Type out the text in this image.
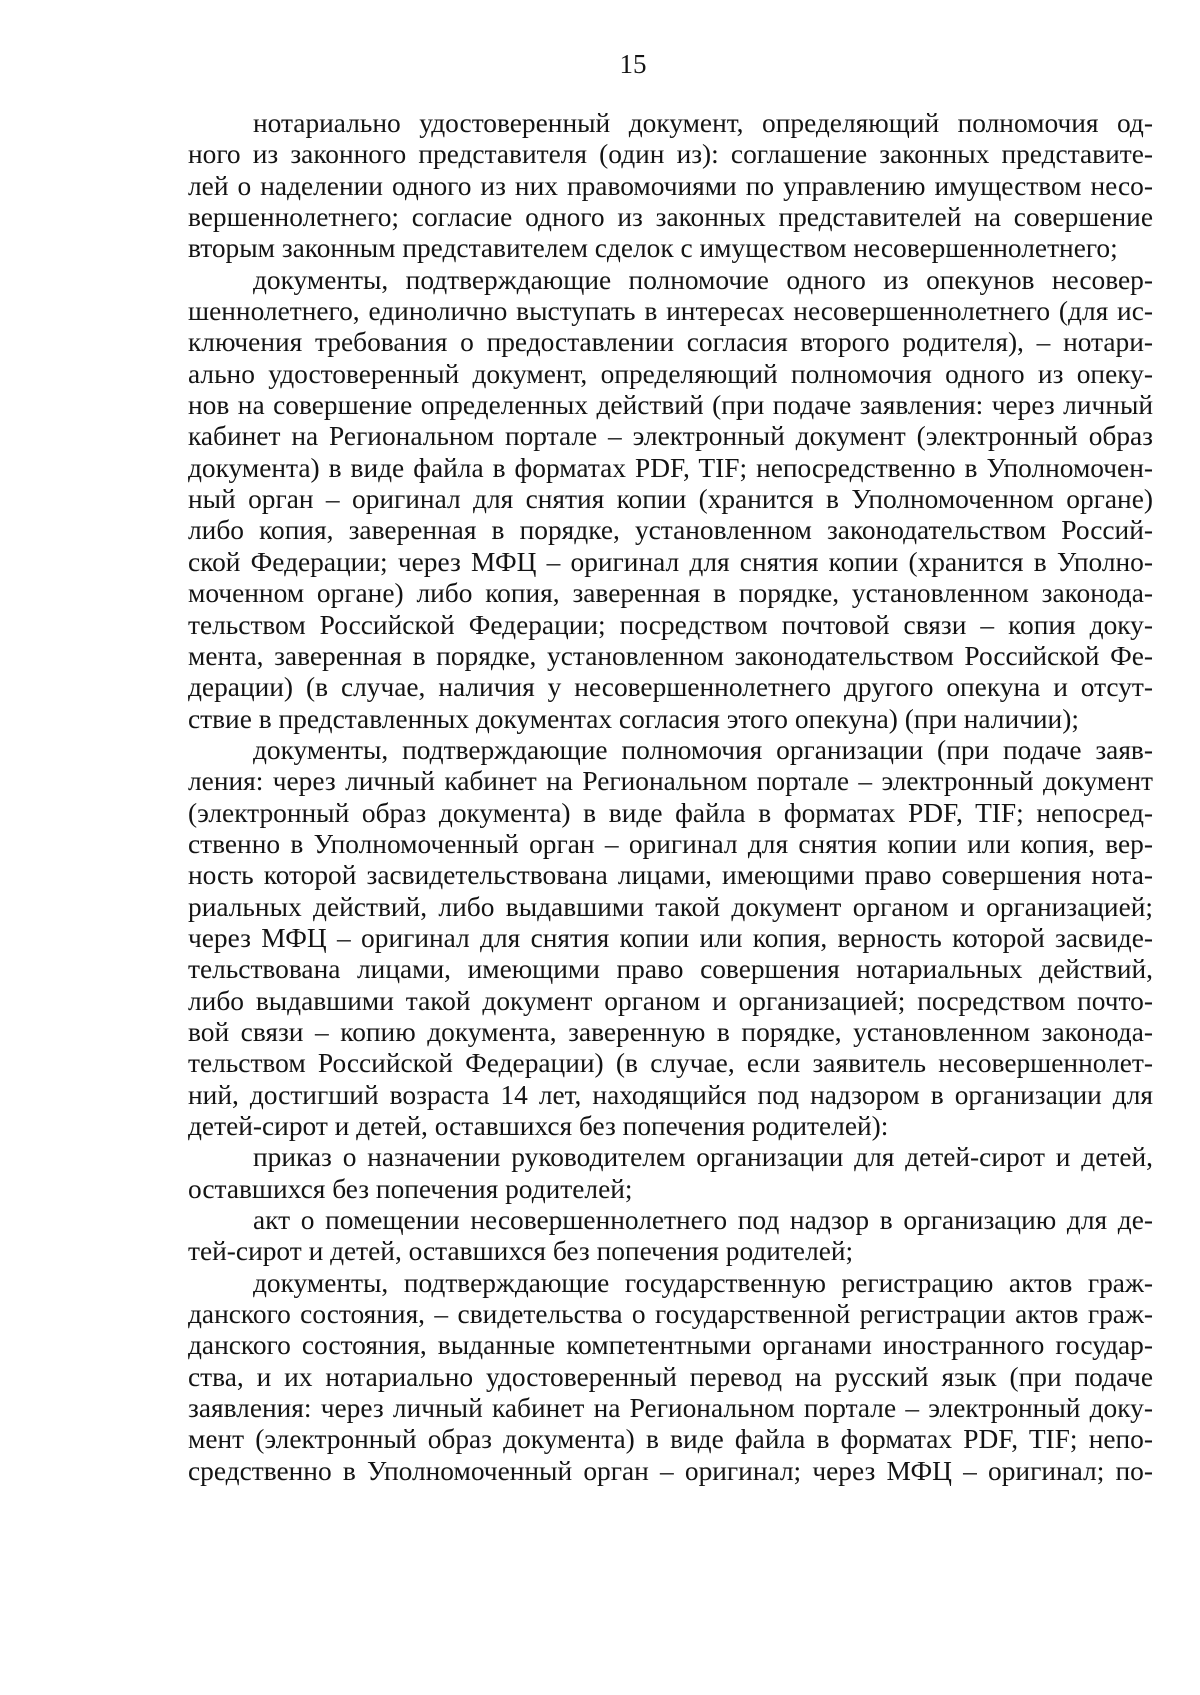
15
нотариально удостоверенный документ, определяющий полномочия од-
ного из законного представителя (один из): соглашение законных представите-
лей о наделении одного из них правомочиями по управлению имуществом несо-
вершеннолетнего; согласие одного из законных представителей на совершение
вторым законным представителем сделок с имуществом несовершеннолетнего;
документы, подтверждающие полномочие одного из опекунов несовер-
шеннолетнего, единолично выступать в интересах несовершеннолетнего (для ис-
ключения требования о предоставлении согласия второго родителя), – нотари-
ально удостоверенный документ, определяющий полномочия одного из опеку-
нов на совершение определенных действий (при подаче заявления: через личный
кабинет на Региональном портале – электронный документ (электронный образ
документа) в виде файла в форматах PDF, TIF; непосредственно в Уполномочен-
ный орган – оригинал для снятия копии (хранится в Уполномоченном органе)
либо копия, заверенная в порядке, установленном законодательством Россий-
ской Федерации; через МФЦ – оригинал для снятия копии (хранится в Уполно-
моченном органе) либо копия, заверенная в порядке, установленном законода-
тельством Российской Федерации; посредством почтовой связи – копия доку-
мента, заверенная в порядке, установленном законодательством Российской Фе-
дерации) (в случае, наличия у несовершеннолетнего другого опекуна и отсут-
ствие в представленных документах согласия этого опекуна) (при наличии);
документы, подтверждающие полномочия организации (при подаче заяв-
ления: через личный кабинет на Региональном портале – электронный документ
(электронный образ документа) в виде файла в форматах PDF, TIF; непосред-
ственно в Уполномоченный орган – оригинал для снятия копии или копия, вер-
ность которой засвидетельствована лицами, имеющими право совершения нота-
риальных действий, либо выдавшими такой документ органом и организацией;
через МФЦ – оригинал для снятия копии или копия, верность которой засвиде-
тельствована лицами, имеющими право совершения нотариальных действий,
либо выдавшими такой документ органом и организацией; посредством почто-
вой связи – копию документа, заверенную в порядке, установленном законода-
тельством Российской Федерации) (в случае, если заявитель несовершеннолет-
ний, достигший возраста 14 лет, находящийся под надзором в организации для
детей-сирот и детей, оставшихся без попечения родителей):
приказ о назначении руководителем организации для детей-сирот и детей,
оставшихся без попечения родителей;
акт о помещении несовершеннолетнего под надзор в организацию для де-
тей-сирот и детей, оставшихся без попечения родителей;
документы, подтверждающие государственную регистрацию актов граж-
данского состояния, – свидетельства о государственной регистрации актов граж-
данского состояния, выданные компетентными органами иностранного государ-
ства, и их нотариально удостоверенный перевод на русский язык (при подаче
заявления: через личный кабинет на Региональном портале – электронный доку-
мент (электронный образ документа) в виде файла в форматах PDF, TIF; непо-
средственно в Уполномоченный орган – оригинал; через МФЦ – оригинал; по-
